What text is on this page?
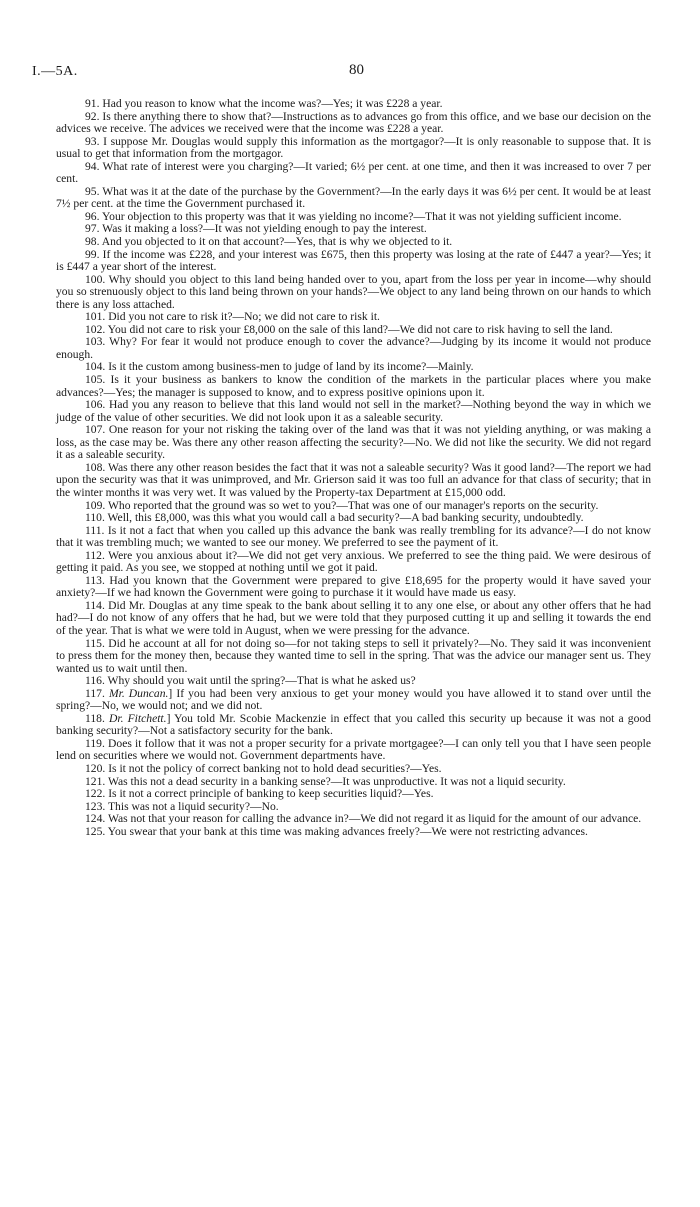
I.—5A.	80

91. Had you reason to know what the income was?—Yes; it was £228 a year.

92. Is there anything there to show that?—Instructions as to advances go from this office, and we base our decision on the advices we receive. The advices we received were that the income was £228 a year.

93. I suppose Mr. Douglas would supply this information as the mortgagor?—It is only reasonable to suppose that. It is usual to get that information from the mortgagor.

94. What rate of interest were you charging?—It varied; 6½ per cent. at one time, and then it was increased to over 7 per cent.

95. What was it at the date of the purchase by the Government?—In the early days it was 6½ per cent. It would be at least 7½ per cent. at the time the Government purchased it.

96. Your objection to this property was that it was yielding no income?—That it was not yielding sufficient income.

97. Was it making a loss?—It was not yielding enough to pay the interest.

98. And you objected to it on that account?—Yes, that is why we objected to it.

99. If the income was £228, and your interest was £675, then this property was losing at the rate of £447 a year?—Yes; it is £447 a year short of the interest.

100. Why should you object to this land being handed over to you, apart from the loss per year in income—why should you so strenuously object to this land being thrown on your hands?—We object to any land being thrown on our hands to which there is any loss attached.

101. Did you not care to risk it?—No; we did not care to risk it.

102. You did not care to risk your £8,000 on the sale of this land?—We did not care to risk having to sell the land.

103. Why? For fear it would not produce enough to cover the advance?—Judging by its income it would not produce enough.

104. Is it the custom among business-men to judge of land by its income?—Mainly.

105. Is it your business as bankers to know the condition of the markets in the particular places where you make advances?—Yes; the manager is supposed to know, and to express positive opinions upon it.

106. Had you any reason to believe that this land would not sell in the market?—Nothing beyond the way in which we judge of the value of other securities. We did not look upon it as a saleable security.

107. One reason for your not risking the taking over of the land was that it was not yielding anything, or was making a loss, as the case may be. Was there any other reason affecting the security?—No. We did not like the security. We did not regard it as a saleable security.

108. Was there any other reason besides the fact that it was not a saleable security? Was it good land?—The report we had upon the security was that it was unimproved, and Mr. Grierson said it was too full an advance for that class of security; that in the winter months it was very wet. It was valued by the Property-tax Department at £15,000 odd.

109. Who reported that the ground was so wet to you?—That was one of our manager's reports on the security.

110. Well, this £8,000, was this what you would call a bad security?—A bad banking security, undoubtedly.

111. Is it not a fact that when you called up this advance the bank was really trembling for its advance?—I do not know that it was trembling much; we wanted to see our money. We preferred to see the payment of it.

112. Were you anxious about it?—We did not get very anxious. We preferred to see the thing paid. We were desirous of getting it paid. As you see, we stopped at nothing until we got it paid.

113. Had you known that the Government were prepared to give £18,695 for the property would it have saved your anxiety?—If we had known the Government were going to purchase it it would have made us easy.

114. Did Mr. Douglas at any time speak to the bank about selling it to any one else, or about any other offers that he had had?—I do not know of any offers that he had, but we were told that they purposed cutting it up and selling it towards the end of the year. That is what we were told in August, when we were pressing for the advance.

115. Did he account at all for not doing so—for not taking steps to sell it privately?—No. They said it was inconvenient to press them for the money then, because they wanted time to sell in the spring. That was the advice our manager sent us. They wanted us to wait until then.

116. Why should you wait until the spring?—That is what he asked us?

117. Mr. Duncan.] If you had been very anxious to get your money would you have allowed it to stand over until the spring?—No, we would not; and we did not.

118. Dr. Fitchett.] You told Mr. Scobie Mackenzie in effect that you called this security up because it was not a good banking security?—Not a satisfactory security for the bank.

119. Does it follow that it was not a proper security for a private mortgagee?—I can only tell you that I have seen people lend on securities where we would not. Government departments have.

120. Is it not the policy of correct banking not to hold dead securities?—Yes.

121. Was this not a dead security in a banking sense?—It was unproductive. It was not a liquid security.

122. Is it not a correct principle of banking to keep securities liquid?—Yes.

123. This was not a liquid security?—No.

124. Was not that your reason for calling the advance in?—We did not regard it as liquid for the amount of our advance.

125. You swear that your bank at this time was making advances freely?—We were not restricting advances.
